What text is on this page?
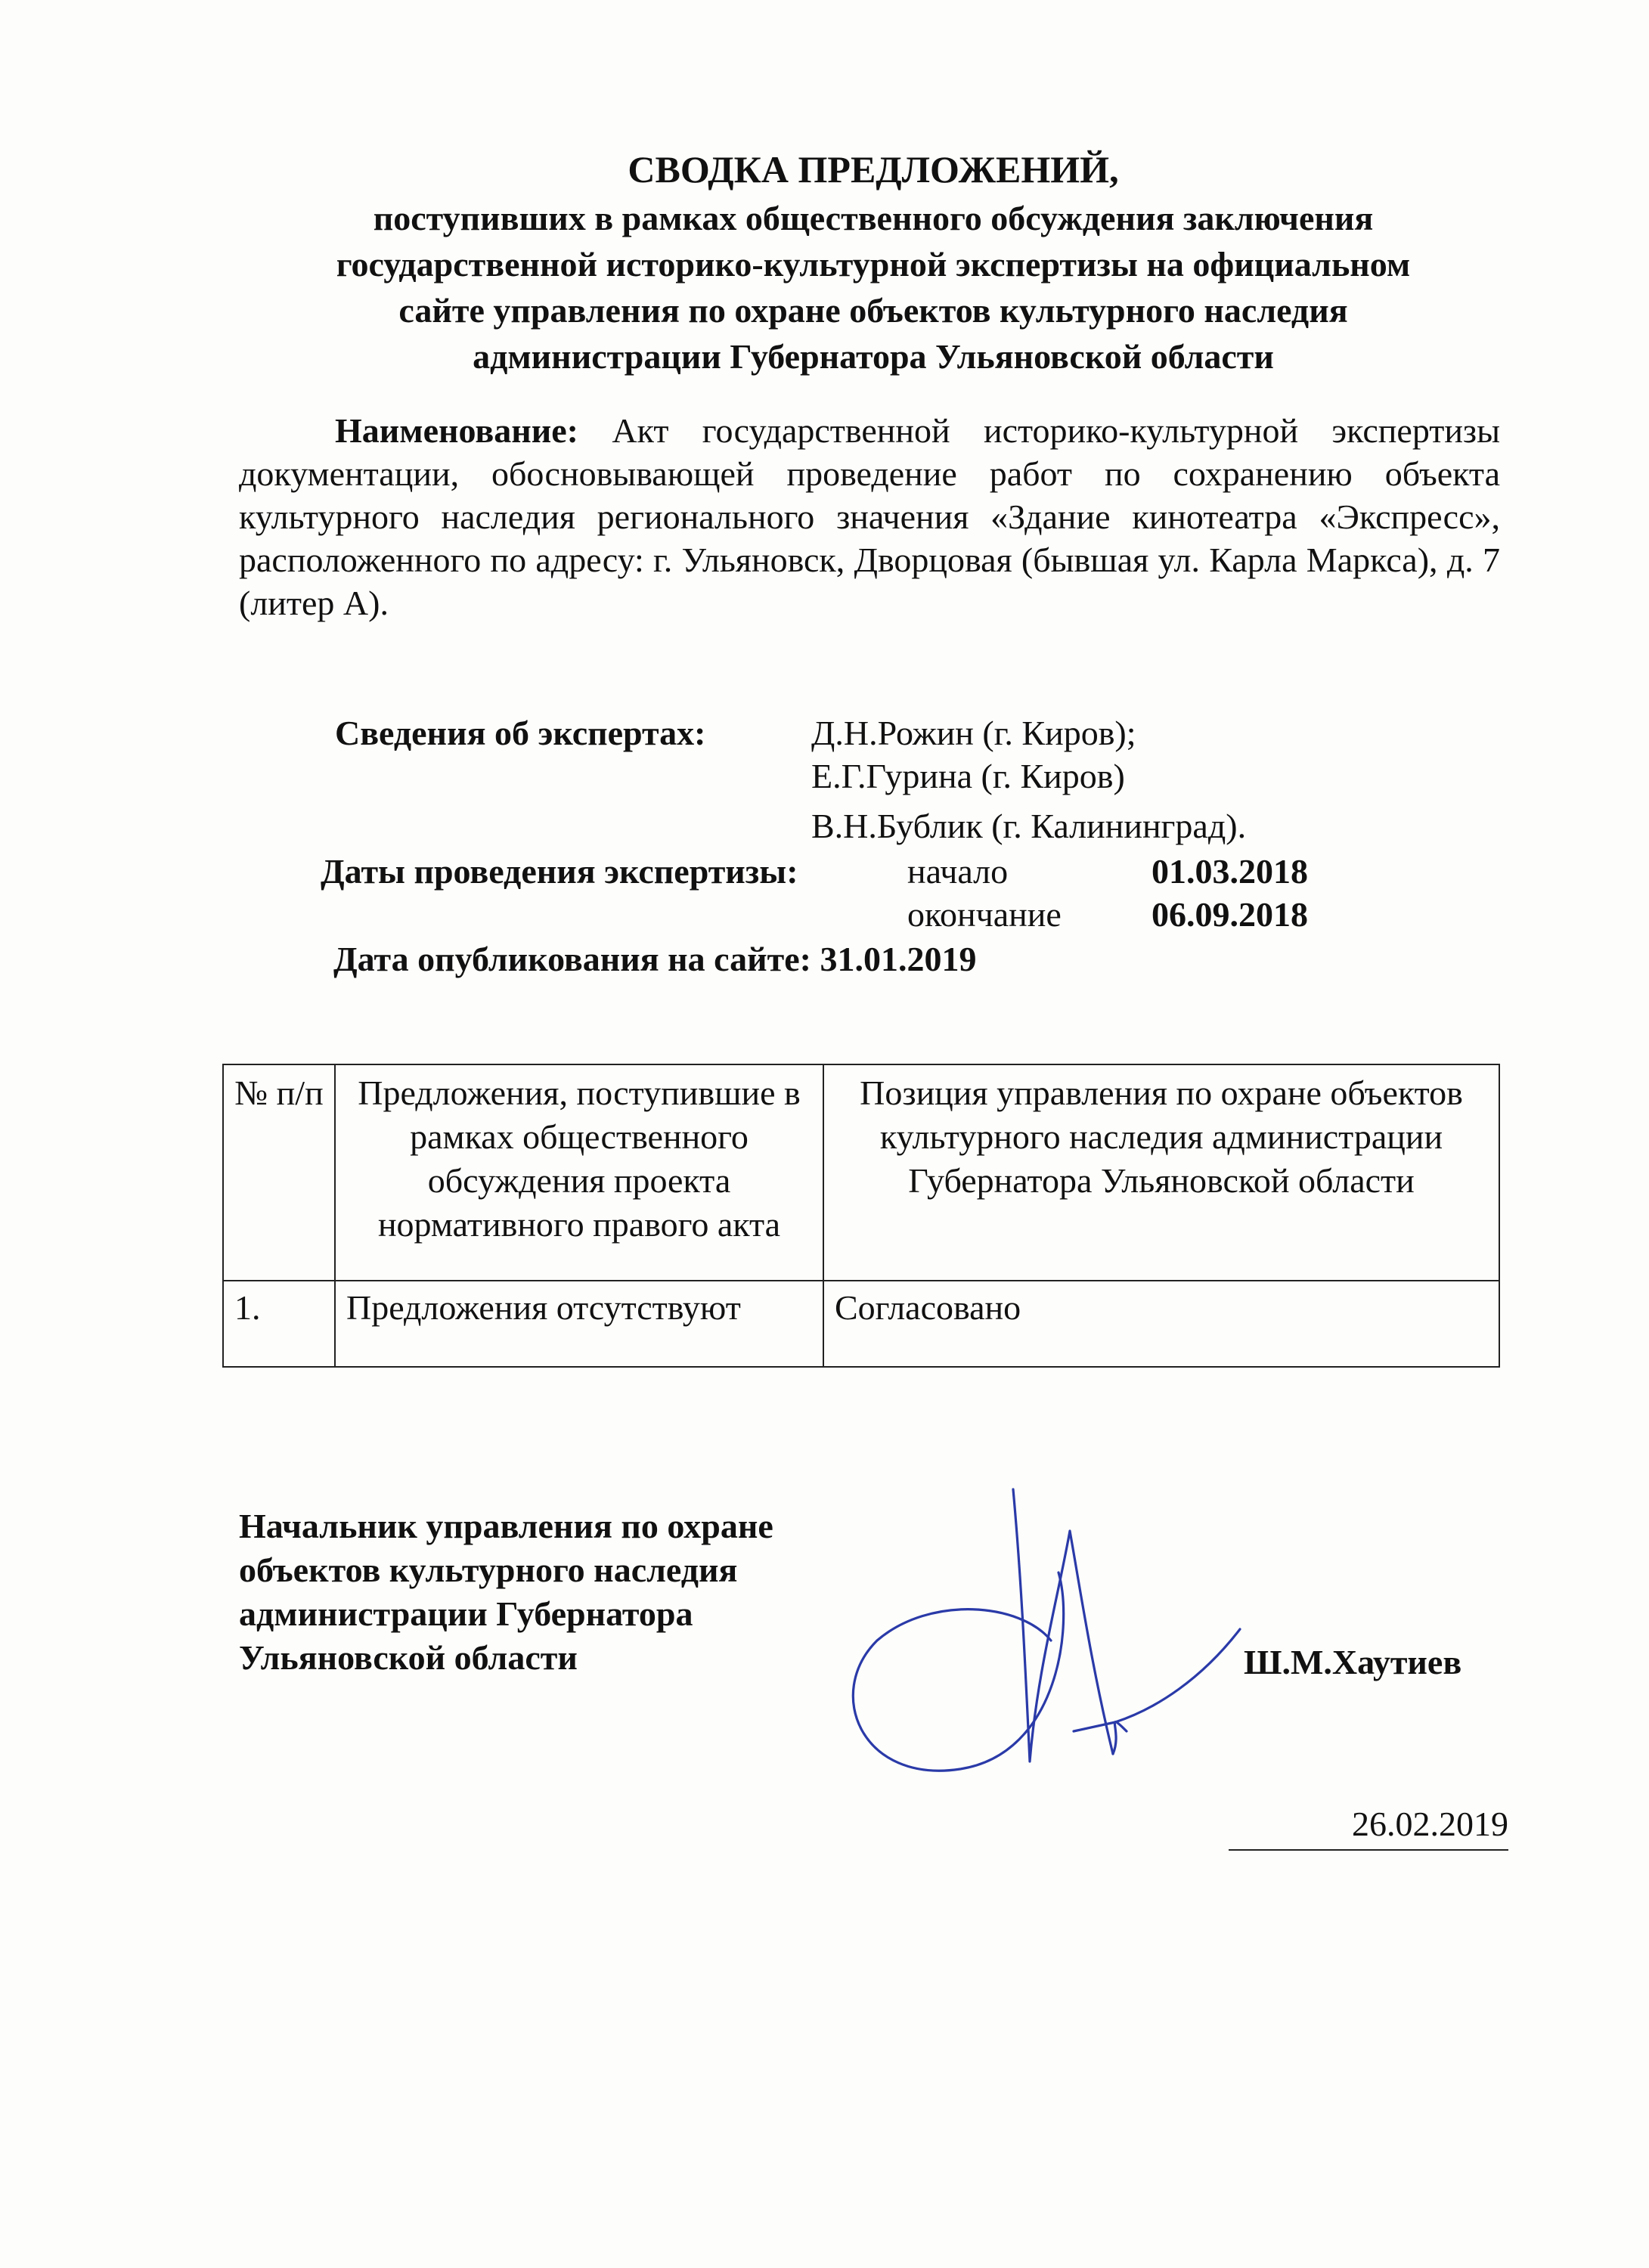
СВОДКА ПРЕДЛОЖЕНИЙ,
поступивших в рамках общественного обсуждения заключения
государственной историко-культурной экспертизы на официальном
сайте управления по охране объектов культурного наследия
администрации Губернатора Ульяновской области
Наименование: Акт государственной историко-культурной экспертизы документации, обосновывающей проведение работ по сохранению объекта культурного наследия регионального значения «Здание кинотеатра «Экспресс», расположенного по адресу: г. Ульяновск, Дворцовая (бывшая ул. Карла Маркса), д. 7 (литер А).
Сведения об экспертах:	Д.Н.Рожин (г. Киров);
Е.Г.Гурина (г. Киров)
В.Н.Бублик (г. Калининград).
Даты проведения экспертизы:	начало	01.03.2018
окончание	06.09.2018
Дата опубликования на сайте: 31.01.2019
№ п/п	Предложения, поступившие в рамках общественного обсуждения проекта нормативного правого акта	Позиция управления по охране объектов культурного наследия администрации Губернатора Ульяновской области
1.	Предложения отсутствуют	Согласовано
Начальник управления по охране
объектов культурного наследия
администрации Губернатора
Ульяновской области	Ш.М.Хаутиев
26.02.2019
